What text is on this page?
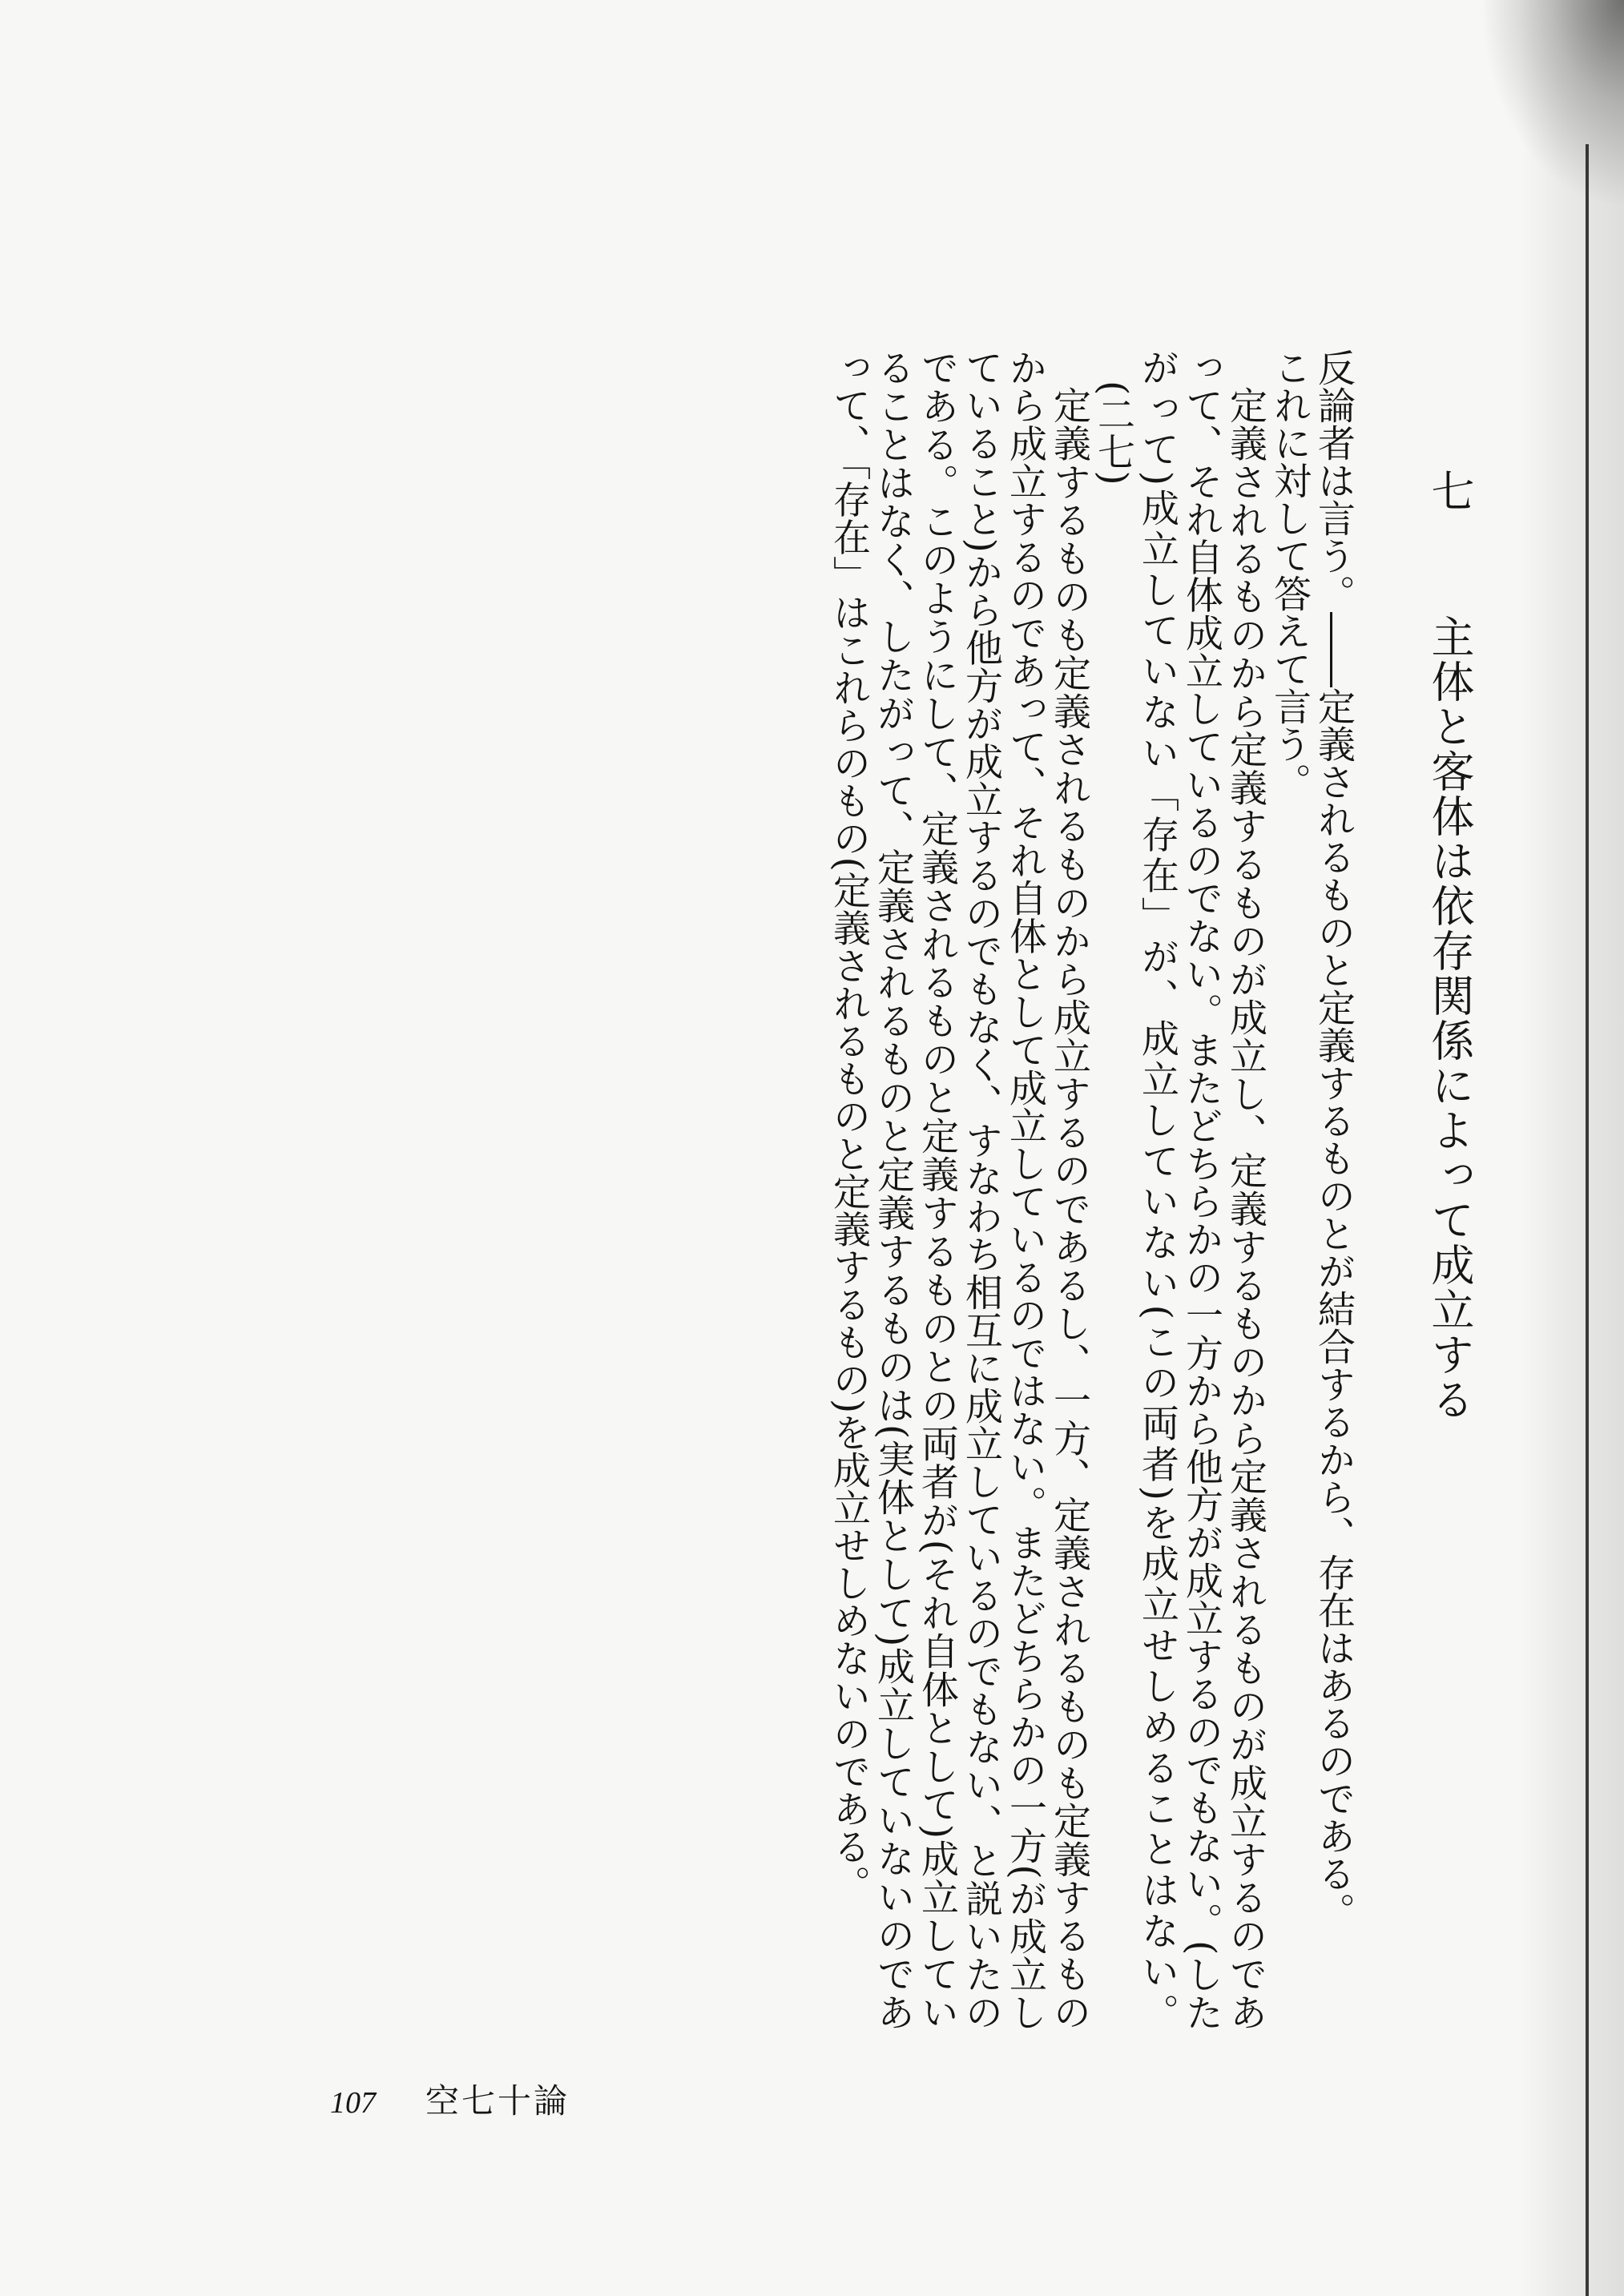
七　主体と客体は依存関係によって成立する

反論者は言う。――定義されるものと定義するものとが結合するから、存在はあるのである。

これに対して答えて言う。

定義されるものから定義するものが成立し、定義するものから定義されるものが成立するのであって、それ自体成立しているのでない。またどちらかの一方から他方が成立するのでもない。(したがって)成立していない「存在」が、成立していない(この両者)を成立せしめることはない。(二七)

定義するものも定義されるものから成立するのであるし、一方、定義されるものも定義するものから成立するのであって、それ自体として成立しているのではない。またどちらかの一方(が成立していること)から他方が成立するのでもなく、すなわち相互に成立しているのでもない、と説いたのである。このようにして、定義されるものと定義するものとの両者が(それ自体として)成立していることはなく、したがって、定義されるものと定義するものは(実体として)成立していないのであって、「存在」はこれらのもの(定義されるものと定義するもの)を成立せしめないのである。

107 空七十論
